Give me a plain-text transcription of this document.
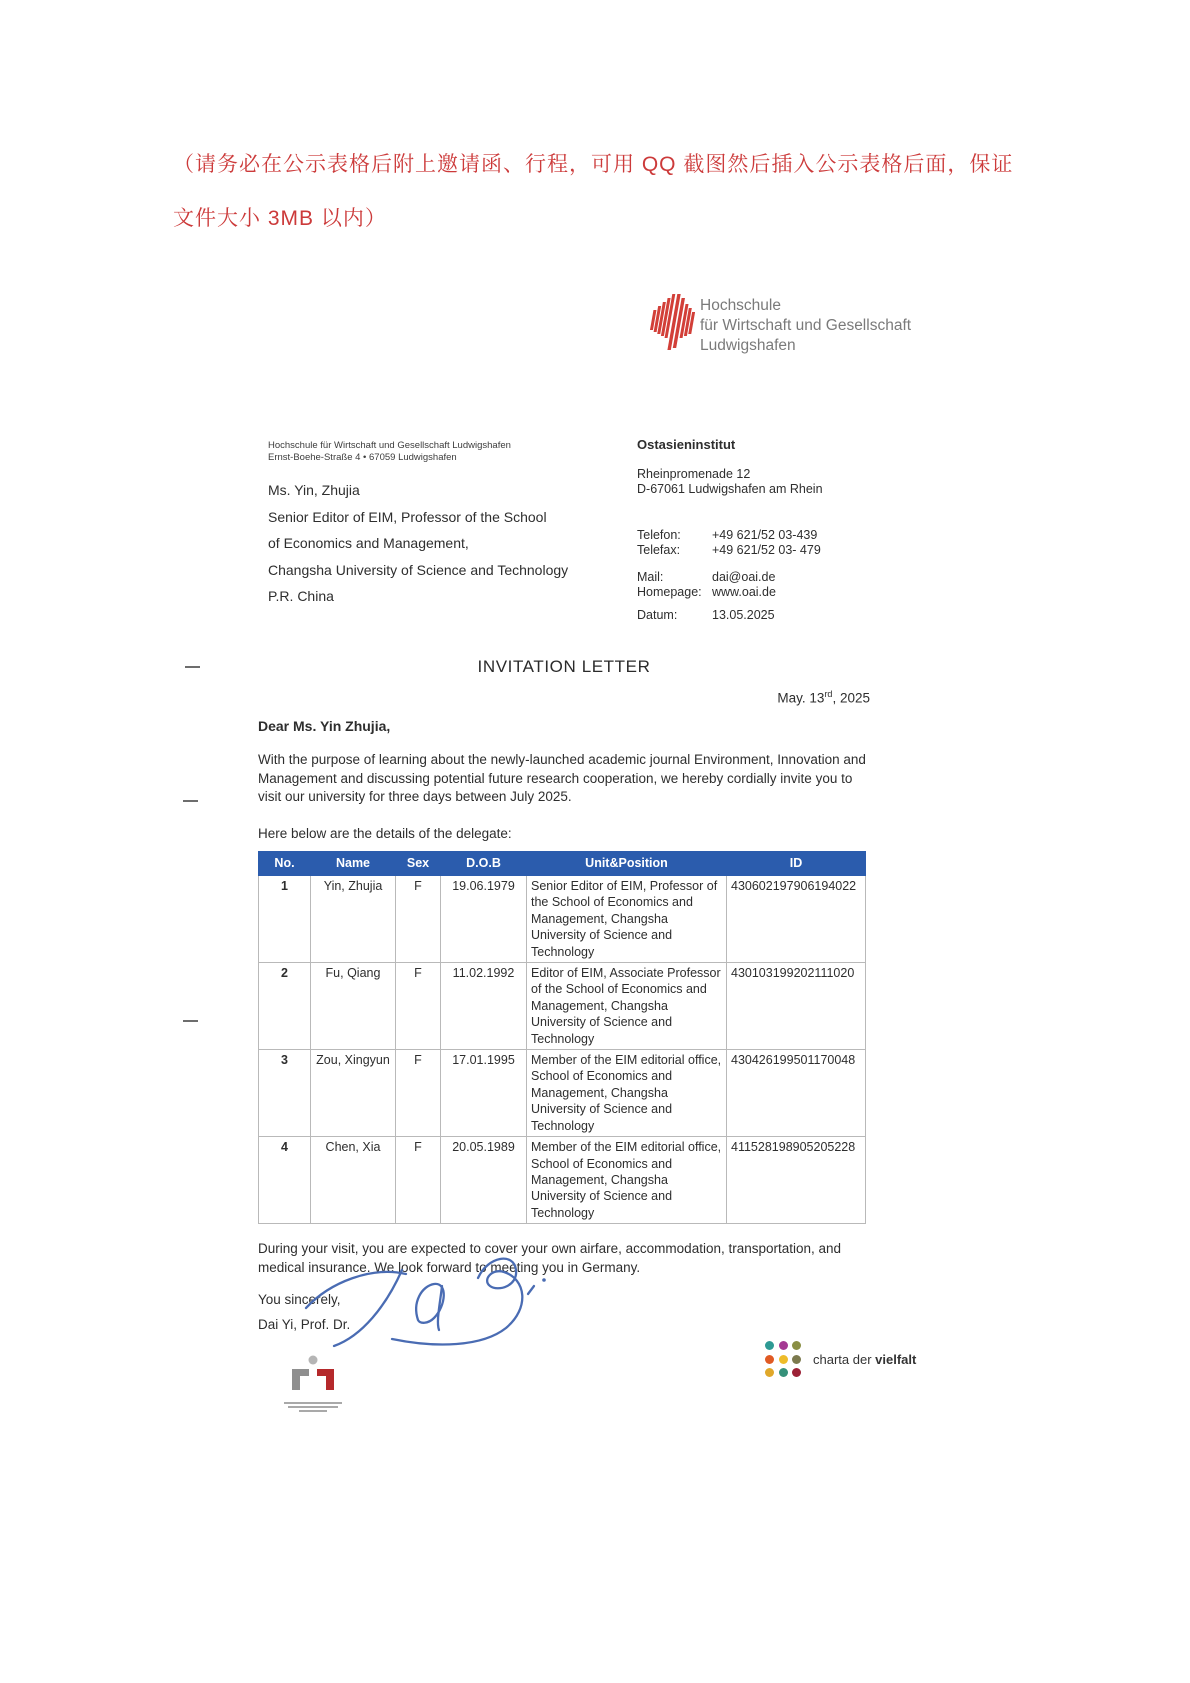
（请务必在公示表格后附上邀请函、行程，可用 QQ 截图然后插入公示表格后面，保证
文件大小 3MB 以内）
Hochschule
für Wirtschaft und Gesellschaft
Ludwigshafen
Hochschule für Wirtschaft und Gesellschaft Ludwigshafen
Ernst-Boehe-Straße 4 • 67059 Ludwigshafen
Ms. Yin, Zhujia
Senior Editor of EIM, Professor of the School
of Economics and Management,
Changsha University of Science and Technology
P.R. China
Ostasieninstitut
Rheinpromenade 12
D-67061 Ludwigshafen am Rhein
Telefon: +49 621/52 03-439
Telefax:	+49 621/52 03- 479
Mail:	dai@oai.de
Homepage: www.oai.de
Datum:	13.05.2025
INVITATION LETTER
May. 13rd, 2025
Dear Ms. Yin Zhujia,
With the purpose of learning about the newly-launched academic journal Environment, Innovation and Management and discussing potential future research cooperation, we hereby cordially invite you to visit our university for three days between July 2025.
Here below are the details of the delegate:
No.	Name	Sex	D.O.B	Unit&Position	ID
1	Yin, Zhujia	F	19.06.1979	Senior Editor of EIM, Professor of the School of Economics and Management, Changsha University of Science and Technology	430602197906194022
2	Fu, Qiang	F	11.02.1992	Editor of EIM, Associate Professor of the School of Economics and Management, Changsha University of Science and Technology	430103199202111020
3	Zou, Xingyun	F	17.01.1995	Member of the EIM editorial office, School of Economics and Management, Changsha University of Science and Technology	430426199501170048
4	Chen, Xia	F	20.05.1989	Member of the EIM editorial office, School of Economics and Management, Changsha University of Science and Technology	411528198905205228
During your visit, you are expected to cover your own airfare, accommodation, transportation, and medical insurance. We look forward to meeting you in Germany.
You sincerely,
Dai Yi, Prof. Dr.
charta der vielfalt
